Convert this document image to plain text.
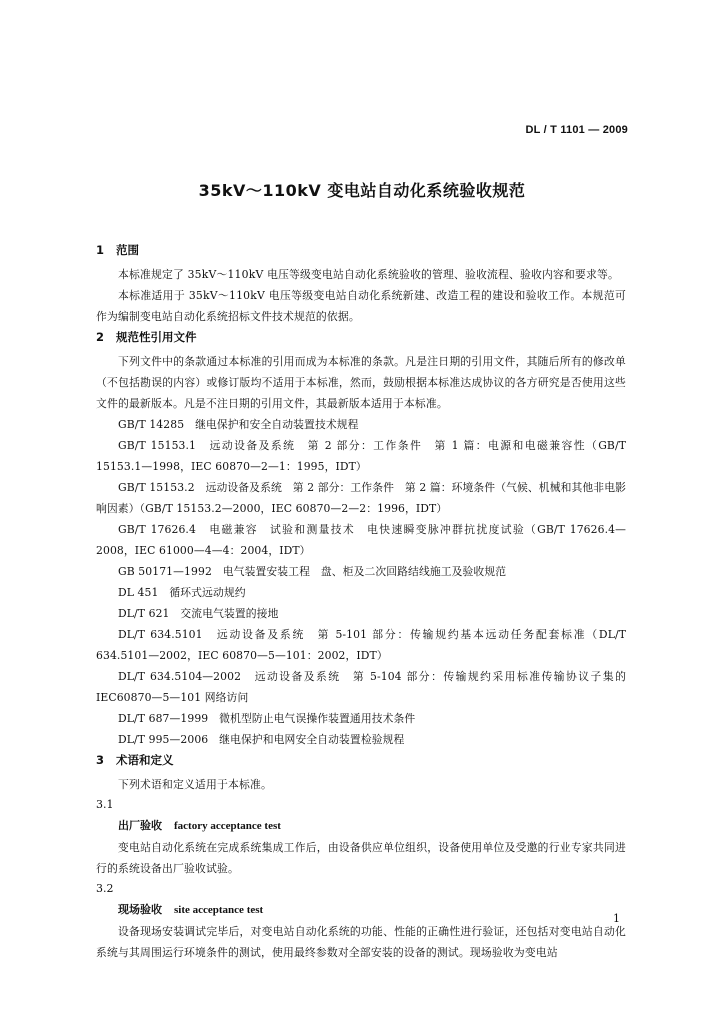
DL / T 1101 — 2009
35kV～110kV 变电站自动化系统验收规范
1 范围
本标准规定了 35kV～110kV 电压等级变电站自动化系统验收的管理、验收流程、验收内容和要求等。
本标准适用于 35kV～110kV 电压等级变电站自动化系统新建、改造工程的建设和验收工作。本规范可作为编制变电站自动化系统招标文件技术规范的依据。
2 规范性引用文件
下列文件中的条款通过本标准的引用而成为本标准的条款。凡是注日期的引用文件，其随后所有的修改单（不包括勘误的内容）或修订版均不适用于本标准，然而，鼓励根据本标准达成协议的各方研究是否使用这些文件的最新版本。凡是不注日期的引用文件，其最新版本适用于本标准。
GB/T 14285　继电保护和安全自动装置技术规程
GB/T 15153.1　远动设备及系统　第 2 部分：工作条件　第 1 篇：电源和电磁兼容性（GB/T 15153.1—1998，IEC 60870—2—1：1995，IDT）
GB/T 15153.2　远动设备及系统　第 2 部分：工作条件　第 2 篇：环境条件（气候、机械和其他非电影响因素）（GB/T 15153.2—2000，IEC 60870—2—2：1996，IDT）
GB/T 17626.4　电磁兼容　试验和测量技术　电快速瞬变脉冲群抗扰度试验（GB/T 17626.4—2008，IEC 61000—4—4：2004，IDT）
GB 50171—1992　电气装置安装工程　盘、柜及二次回路结线施工及验收规范
DL 451　循环式远动规约
DL/T 621　交流电气装置的接地
DL/T 634.5101　远动设备及系统　第 5-101 部分：传输规约基本远动任务配套标准（DL/T 634.5101—2002，IEC 60870—5—101：2002，IDT）
DL/T 634.5104—2002　远动设备及系统　第 5-104 部分：传输规约采用标准传输协议子集的IEC60870—5—101 网络访问
DL/T 687—1999　微机型防止电气误操作装置通用技术条件
DL/T 995—2006　继电保护和电网安全自动装置检验规程
3 术语和定义
下列术语和定义适用于本标准。
3.1
出厂验收 factory acceptance test
变电站自动化系统在完成系统集成工作后，由设备供应单位组织，设备使用单位及受邀的行业专家共同进行的系统设备出厂验收试验。
3.2
现场验收 site acceptance test
设备现场安装调试完毕后，对变电站自动化系统的功能、性能的正确性进行验证，还包括对变电站自动化系统与其周围运行环境条件的测试，使用最终参数对全部安装的设备的测试。现场验收为变电站
1
